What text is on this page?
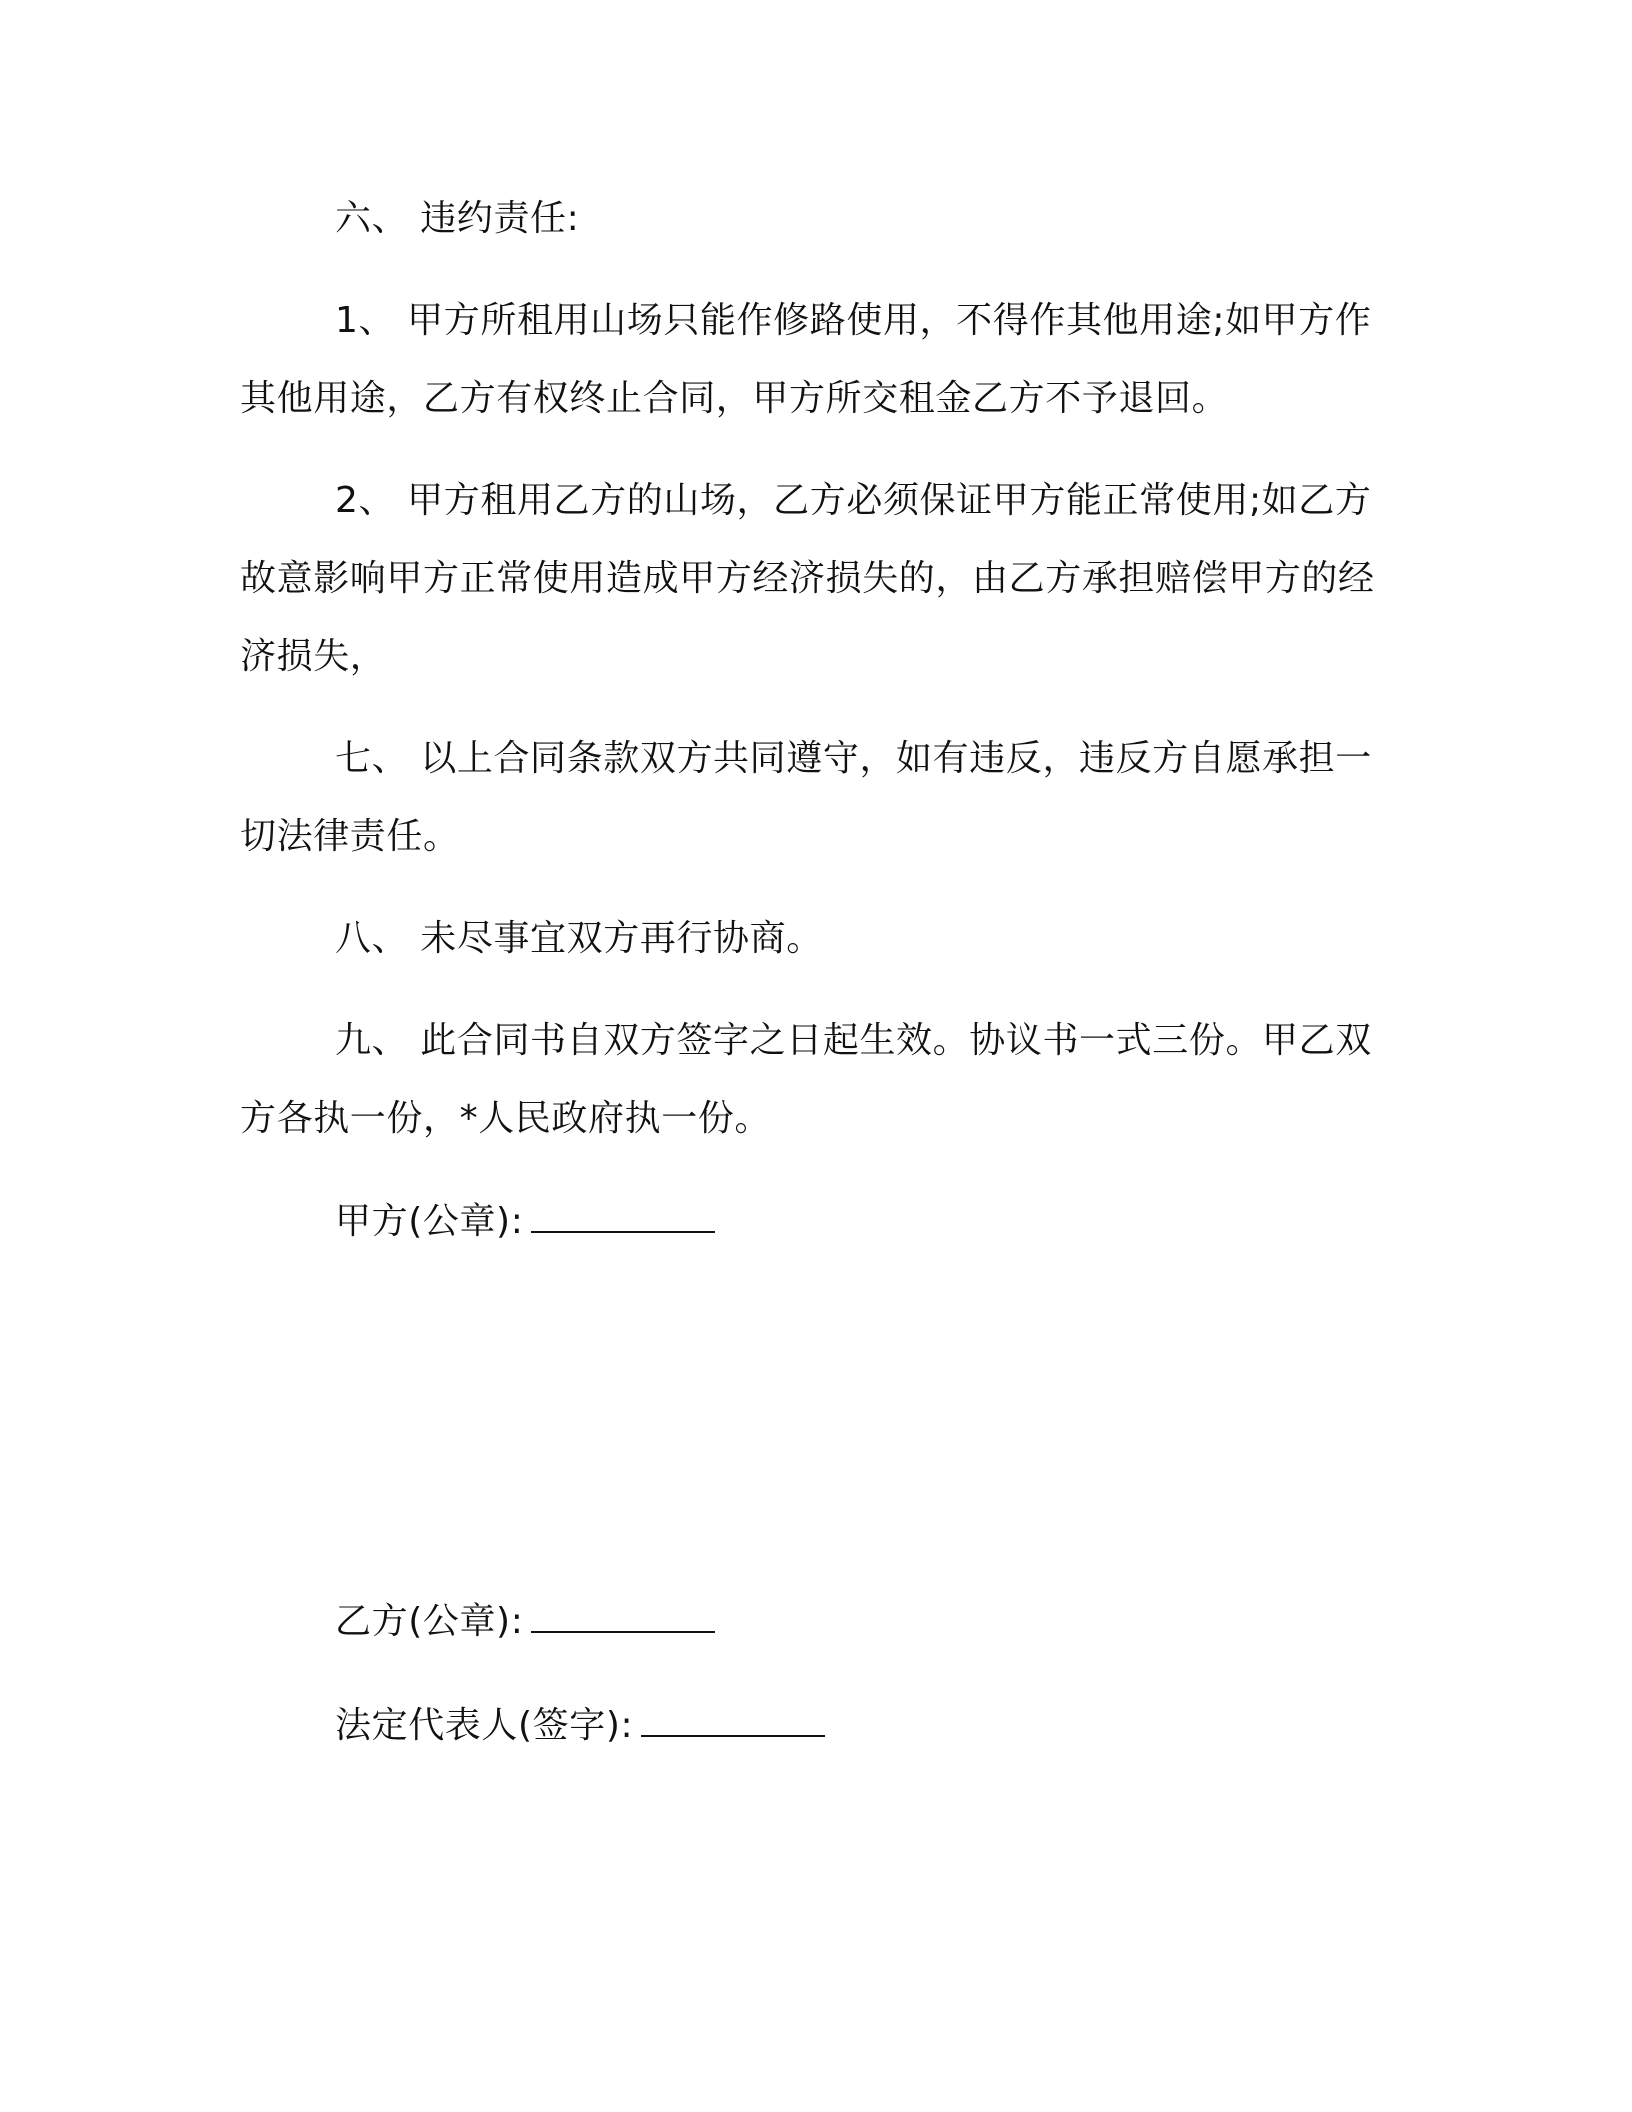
六、 违约责任:

1、 甲方所租用山场只能作修路使用，不得作其他用途;如甲方作其他用途，乙方有权终止合同，甲方所交租金乙方不予退回。

2、 甲方租用乙方的山场，乙方必须保证甲方能正常使用;如乙方故意影响甲方正常使用造成甲方经济损失的，由乙方承担赔偿甲方的经济损失，

七、 以上合同条款双方共同遵守，如有违反，违反方自愿承担一切法律责任。

八、 未尽事宜双方再行协商。

九、 此合同书自双方签字之日起生效。协议书一式三份。甲乙双方各执一份，*人民政府执一份。

甲方(公章):
乙方(公章):
法定代表人(签字):
